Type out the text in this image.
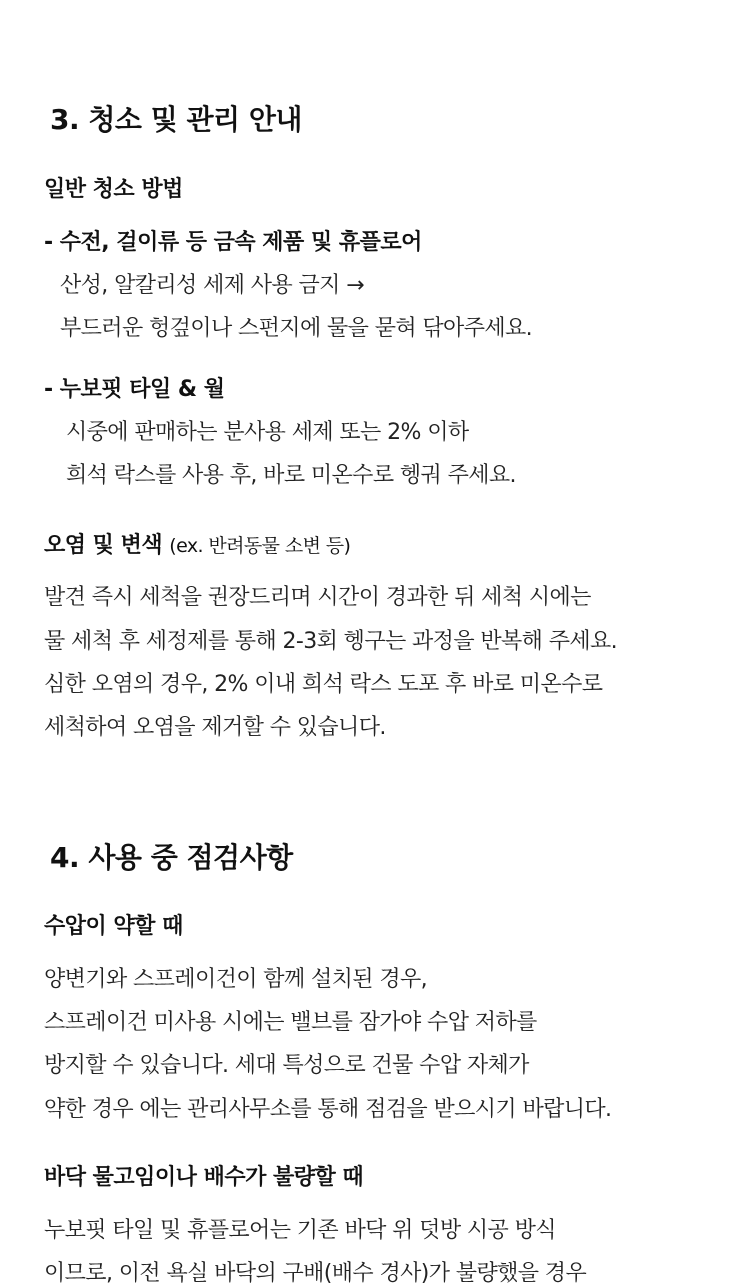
3. 청소 및 관리 안내
일반 청소 방법
- 수전, 걸이류 등 금속 제품 및 휴플로어
산성, 알칼리성 세제 사용 금지 →
부드러운 헝겊이나 스펀지에 물을 묻혀 닦아주세요.
- 누보핏 타일 & 월
시중에 판매하는 분사용 세제 또는 2% 이하
희석 락스를 사용 후, 바로 미온수로 헹궈 주세요.
오염 및 변색 (ex. 반려동물 소변 등)
발견 즉시 세척을 권장드리며 시간이 경과한 뒤 세척 시에는
물 세척 후 세정제를 통해 2-3회 헹구는 과정을 반복해 주세요.
심한 오염의 경우, 2% 이내 희석 락스 도포 후 바로 미온수로
세척하여 오염을 제거할 수 있습니다.
4. 사용 중 점검사항
수압이 약할 때
양변기와 스프레이건이 함께 설치된 경우,
스프레이건 미사용 시에는 밸브를 잠가야 수압 저하를
방지할 수 있습니다. 세대 특성으로 건물 수압 자체가
약한 경우 에는 관리사무소를 통해 점검을 받으시기 바랍니다.
바닥 물고임이나 배수가 불량할 때
누보핏 타일 및 휴플로어는 기존 바닥 위 덧방 시공 방식
이므로, 이전 욕실 바닥의 구배(배수 경사)가 불량했을 경우
